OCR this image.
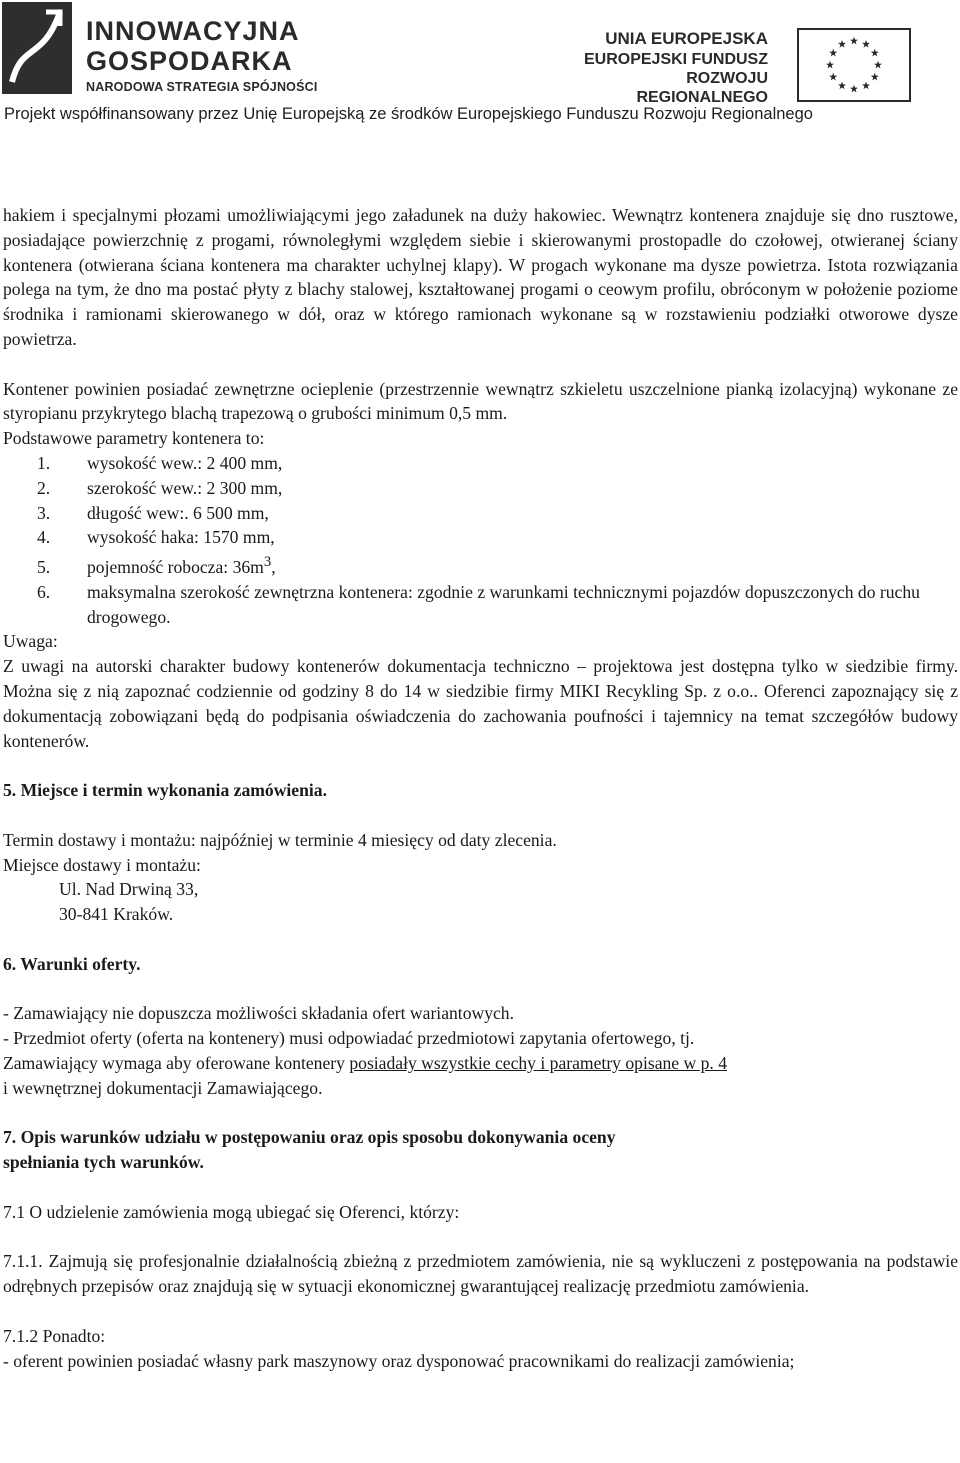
INNOWACYJNA
GOSPODARKA
NARODOWA STRATEGIA SPÓJNOŚCI
UNIA EUROPEJSKA
EUROPEJSKI FUNDUSZ
ROZWOJU REGIONALNEGO
Projekt współfinansowany przez Unię Europejską ze środków Europejskiego Funduszu Rozwoju Regionalnego

hakiem i specjalnymi płozami umożliwiającymi jego załadunek na duży hakowiec. Wewnątrz kontenera znajduje się dno rusztowe, posiadające powierzchnię z progami, równoległymi względem siebie i skierowanymi prostopadle do czołowej, otwieranej ściany kontenera (otwierana ściana kontenera ma charakter uchylnej klapy). W progach wykonane ma dysze powietrza. Istota rozwiązania polega na tym, że dno ma postać płyty z blachy stalowej, kształtowanej progami o ceowym profilu, obróconym w położenie poziome środnika i ramionami skierowanego w dół, oraz w którego ramionach wykonane są w rozstawieniu podziałki otworowe dysze powietrza.

Kontener powinien posiadać zewnętrzne ocieplenie (przestrzennie wewnątrz szkieletu uszczelnione pianką izolacyjną) wykonane ze styropianu przykrytego blachą trapezową o grubości minimum 0,5 mm.

Podstawowe parametry kontenera to:

1. wysokość wew.: 2 400 mm,
2. szerokość wew.: 2 300 mm,
3. długość wew:. 6 500 mm,
4. wysokość haka: 1570 mm,
5. pojemność robocza: $36m^3$,
6. maksymalna szerokość zewnętrzna kontenera: zgodnie z warunkami technicznymi pojazdów dopuszczonych do ruchu drogowego.

Uwaga:

Z uwagi na autorski charakter budowy kontenerów dokumentacja techniczno – projektowa jest dostępna tylko w siedzibie firmy. Można się z nią zapoznać codziennie od godziny 8 do 14 w siedzibie firmy MIKI Recykling Sp. z o.o.. Oferenci zapoznający się z dokumentacją zobowiązani będą do podpisania oświadczenia do zachowania poufności i tajemnicy na temat szczegółów budowy kontenerów.

5. Miejsce i termin wykonania zamówienia.

Termin dostawy i montażu: najpóźniej w terminie 4 miesięcy od daty zlecenia.

Miejsce dostawy i montażu:

Ul. Nad Drwiną 33,

30-841 Kraków.

6. Warunki oferty.

- Zamawiający nie dopuszcza możliwości składania ofert wariantowych.

- Przedmiot oferty (oferta na kontenery) musi odpowiadać przedmiotowi zapytania ofertowego, tj.

Zamawiający wymaga aby oferowane kontenery posiadały wszystkie cechy i parametry opisane w p. 4

i wewnętrznej dokumentacji Zamawiającego.

7. Opis warunków udziału w postępowaniu oraz opis sposobu dokonywania oceny

spełniania tych warunków.

7.1 O udzielenie zamówienia mogą ubiegać się Oferenci, którzy:

7.1.1. Zajmują się profesjonalnie działalnością zbieżną z przedmiotem zamówienia, nie są wykluczeni z postępowania na podstawie odrębnych przepisów oraz znajdują się w sytuacji ekonomicznej gwarantującej realizację przedmiotu zamówienia.

7.1.2 Ponadto:

- oferent powinien posiadać własny park maszynowy oraz dysponować pracownikami do realizacji zamówienia;
